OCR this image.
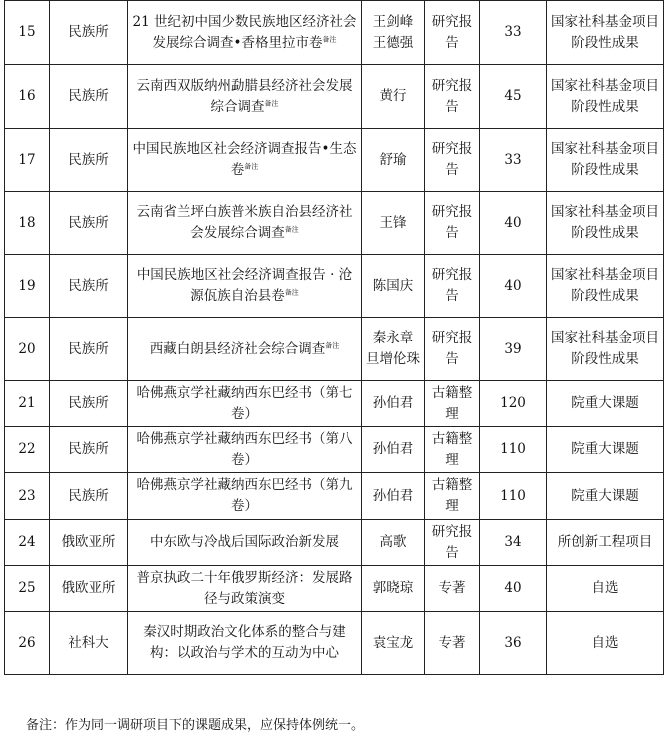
15	民族所	21 世纪初中国少数民族地区经济社会发展综合调查•香格里拉市卷$^{备注}$	王剑峰 王德强	研究报告	33	国家社科基金项目阶段性成果
16	民族所	云南西双版纳州勐腊县经济社会发展综合调查$^{备注}$	黄行	研究报告	45	国家社科基金项目阶段性成果
17	民族所	中国民族地区社会经济调查报告•生态卷$^{备注}$	舒瑜	研究报告	33	国家社科基金项目阶段性成果
18	民族所	云南省兰坪白族普米族自治县经济社会发展综合调查$^{备注}$	王锋	研究报告	40	国家社科基金项目阶段性成果
19	民族所	中国民族地区社会经济调查报告 · 沧源佤族自治县卷$^{备注}$	陈国庆	研究报告	40	国家社科基金项目阶段性成果
20	民族所	西藏白朗县经济社会综合调查$^{备注}$	秦永章 旦增伦珠	研究报告	39	国家社科基金项目阶段性成果
21	民族所	哈佛燕京学社藏纳西东巴经书（第七卷）	孙伯君	古籍整理	120	院重大课题
22	民族所	哈佛燕京学社藏纳西东巴经书（第八卷）	孙伯君	古籍整理	110	院重大课题
23	民族所	哈佛燕京学社藏纳西东巴经书（第九卷）	孙伯君	古籍整理	110	院重大课题
24	俄欧亚所	中东欧与冷战后国际政治新发展	高歌	研究报告	34	所创新工程项目
25	俄欧亚所	普京执政二十年俄罗斯经济：发展路径与政策演变	郭晓琼	专著	40	自选
26	社科大	秦汉时期政治文化体系的整合与建构：以政治与学术的互动为中心	袁宝龙	专著	36	自选
备注：作为同一调研项目下的课题成果，应保持体例统一。
